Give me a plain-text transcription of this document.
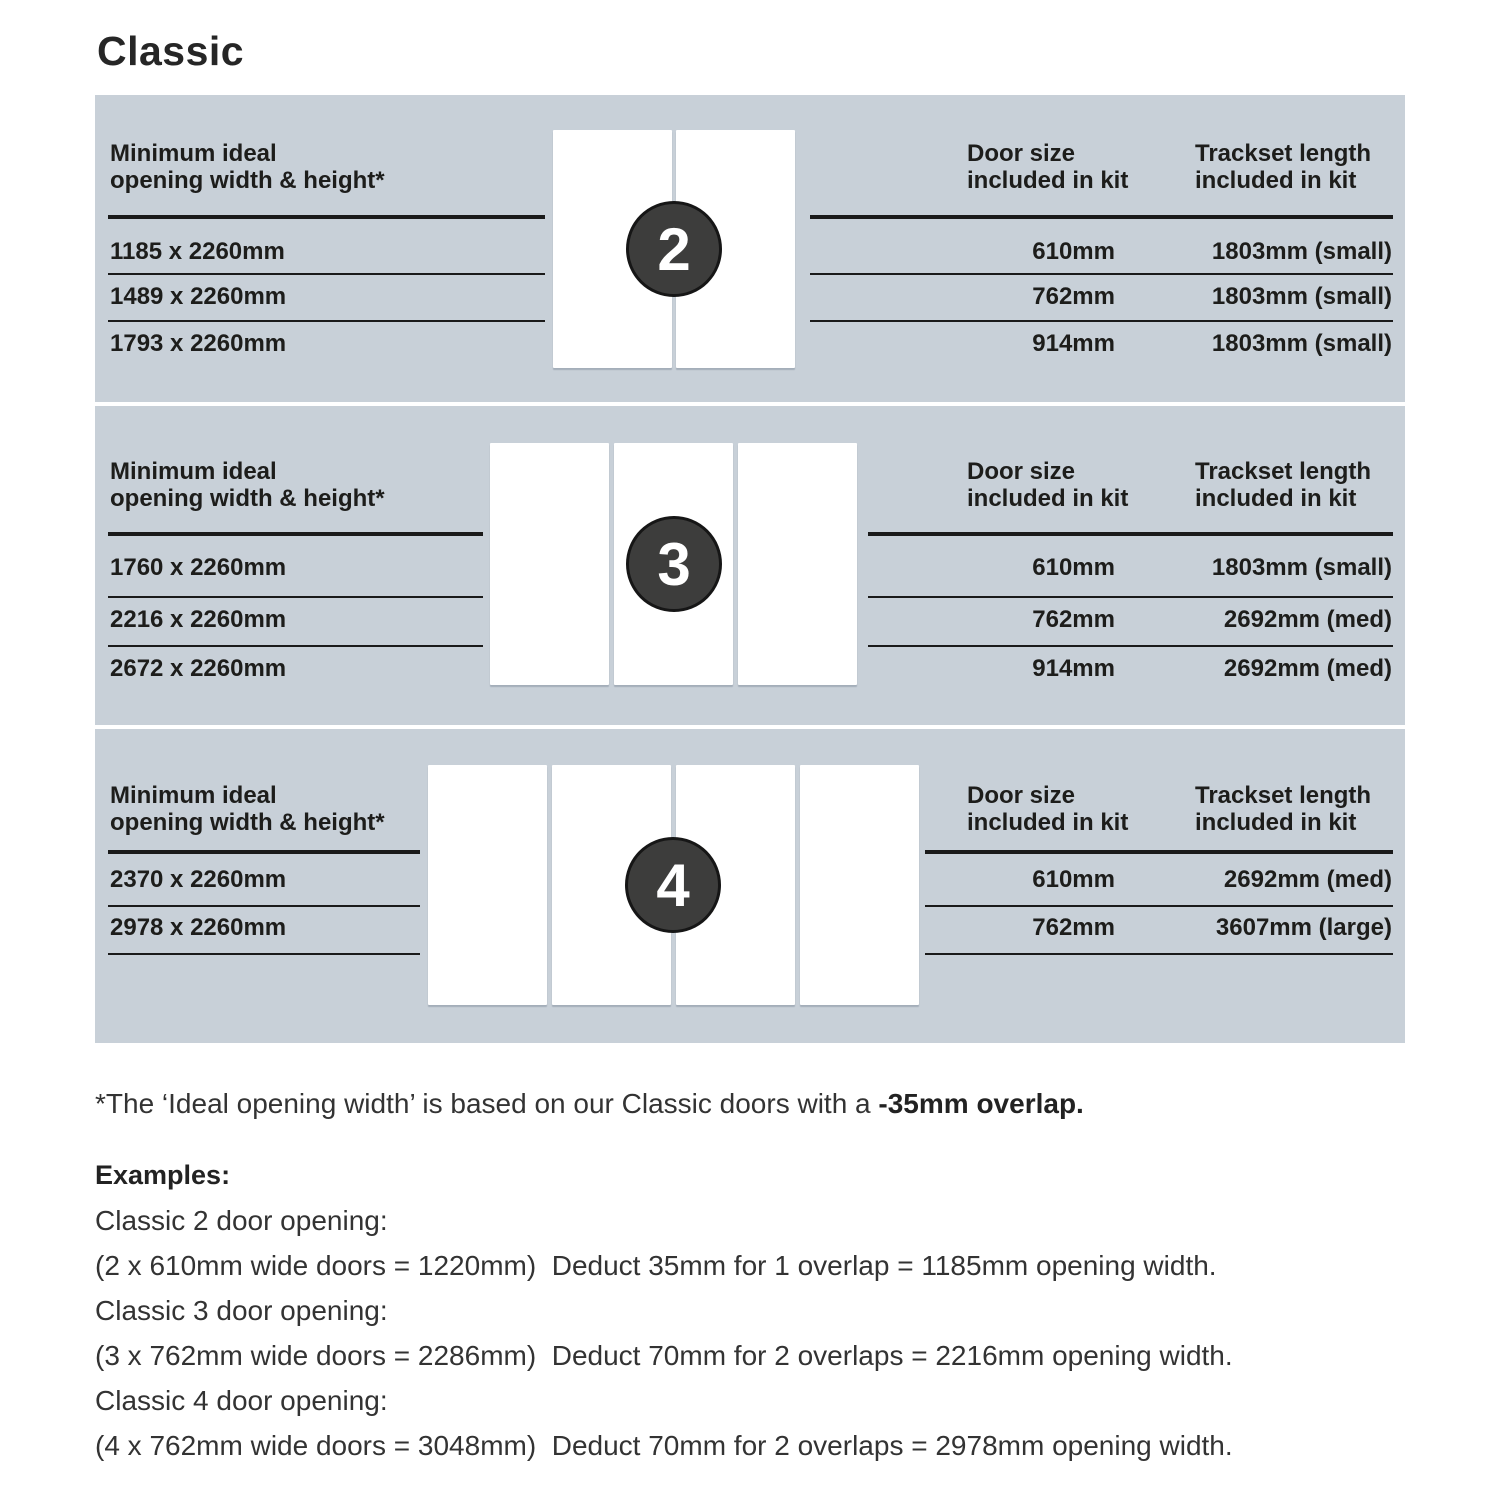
Classic
Minimum ideal
opening width & height*
Door size
included in kit
Trackset length
included in kit
1185 x 2260mm	610mm	1803mm (small)
1489 x 2260mm	762mm	1803mm (small)
1793 x 2260mm	914mm	1803mm (small)
2
Minimum ideal
opening width & height*
Door size
included in kit
Trackset length
included in kit
1760 x 2260mm	610mm	1803mm (small)
2216 x 2260mm	762mm	2692mm (med)
2672 x 2260mm	914mm	2692mm (med)
3
Minimum ideal
opening width & height*
Door size
included in kit
Trackset length
included in kit
2370 x 2260mm	610mm	2692mm (med)
2978 x 2260mm	762mm	3607mm (large)
4
*The ‘Ideal opening width’ is based on our Classic doors with a -35mm overlap.
Examples:
Classic 2 door opening:
(2 x 610mm wide doors = 1220mm)  Deduct 35mm for 1 overlap = 1185mm opening width.
Classic 3 door opening:
(3 x 762mm wide doors = 2286mm)  Deduct 70mm for 2 overlaps = 2216mm opening width.
Classic 4 door opening:
(4 x 762mm wide doors = 3048mm)  Deduct 70mm for 2 overlaps = 2978mm opening width.
